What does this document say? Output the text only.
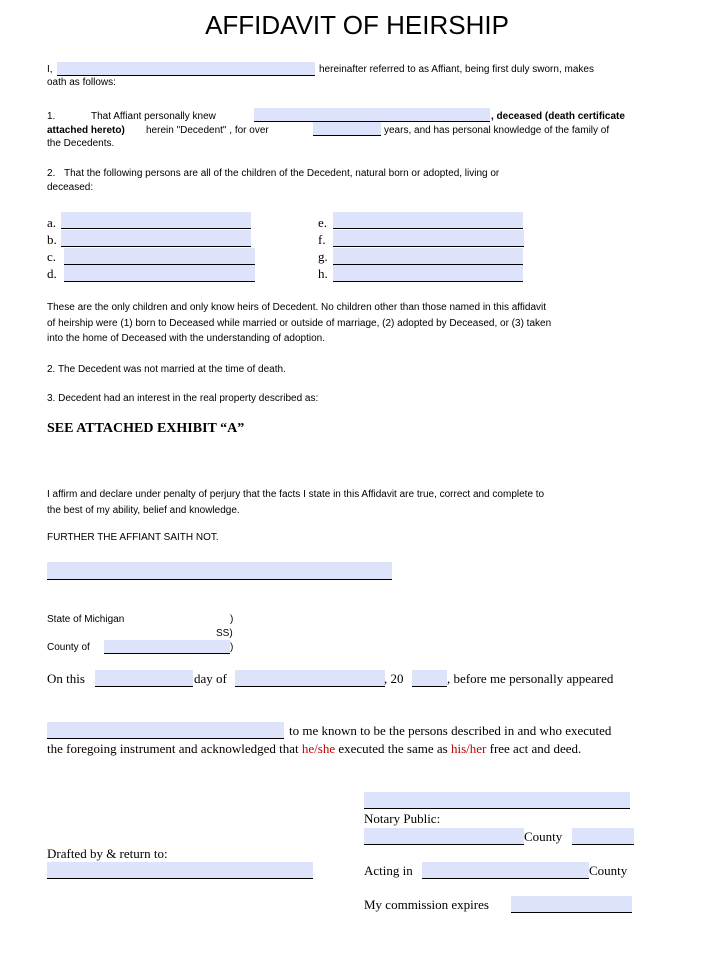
AFFIDAVIT OF HEIRSHIP
I,	hereinafter referred to as Affiant, being first duly sworn, makes
oath as follows:
1.	That Affiant personally knew	, deceased (death certificate
attached hereto) herein "Decedent" , for over	years, and has personal knowledge of the family of
the Decedents.
2. That the following persons are all of the children of the Decedent, natural born or adopted, living or
deceased:
a.
b.
c.
d.
e.
f.
g.
h.
These are the only children and only know heirs of Decedent. No children other than those named in this affidavit
of heirship were (1) born to Deceased while married or outside of marriage, (2) adopted by Deceased, or (3) taken
into the home of Deceased with the understanding of adoption.
2. The Decedent was not married at the time of death.
3. Decedent had an interest in the real property described as:
SEE ATTACHED EXHIBIT “A”
I affirm and declare under penalty of perjury that the facts I state in this Affidavit are true, correct and complete to
the best of my ability, belief and knowledge.
FURTHER THE AFFIANT SAITH NOT.
State of Michigan	)
SS)
County of	)
On this	day of	, 20	, before me personally appeared
to me known to be the persons described in and who executed
the foregoing instrument and acknowledged that he/she executed the same as his/her free act and deed.
Notary Public:
County
Drafted by & return to:
Acting in	County
My commission expires
